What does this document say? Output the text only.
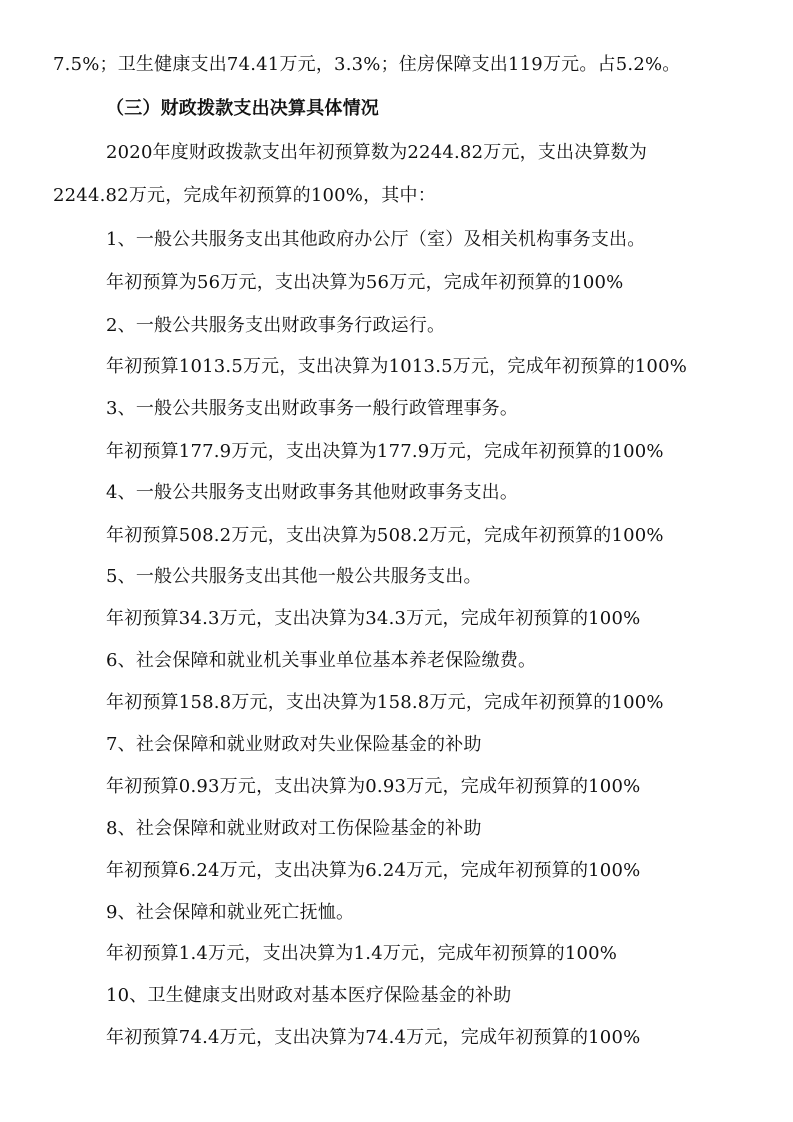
7.5%；卫生健康支出74.41万元，3.3%；住房保障支出119万元。占5.2%。
（三）财政拨款支出决算具体情况
2020年度财政拨款支出年初预算数为2244.82万元，支出决算数为
2244.82万元，完成年初预算的100%，其中：
1、一般公共服务支出其他政府办公厅（室）及相关机构事务支出。
年初预算为56万元，支出决算为56万元，完成年初预算的100%
2、一般公共服务支出财政事务行政运行。
年初预算1013.5万元，支出决算为1013.5万元，完成年初预算的100%
3、一般公共服务支出财政事务一般行政管理事务。
年初预算177.9万元，支出决算为177.9万元，完成年初预算的100%
4、一般公共服务支出财政事务其他财政事务支出。
年初预算508.2万元，支出决算为508.2万元，完成年初预算的100%
5、一般公共服务支出其他一般公共服务支出。
年初预算34.3万元，支出决算为34.3万元，完成年初预算的100%
6、社会保障和就业机关事业单位基本养老保险缴费。
年初预算158.8万元，支出决算为158.8万元，完成年初预算的100%
7、社会保障和就业财政对失业保险基金的补助
年初预算0.93万元，支出决算为0.93万元，完成年初预算的100%
8、社会保障和就业财政对工伤保险基金的补助
年初预算6.24万元，支出决算为6.24万元，完成年初预算的100%
9、社会保障和就业死亡抚恤。
年初预算1.4万元，支出决算为1.4万元，完成年初预算的100%
10、卫生健康支出财政对基本医疗保险基金的补助
年初预算74.4万元，支出决算为74.4万元，完成年初预算的100%
